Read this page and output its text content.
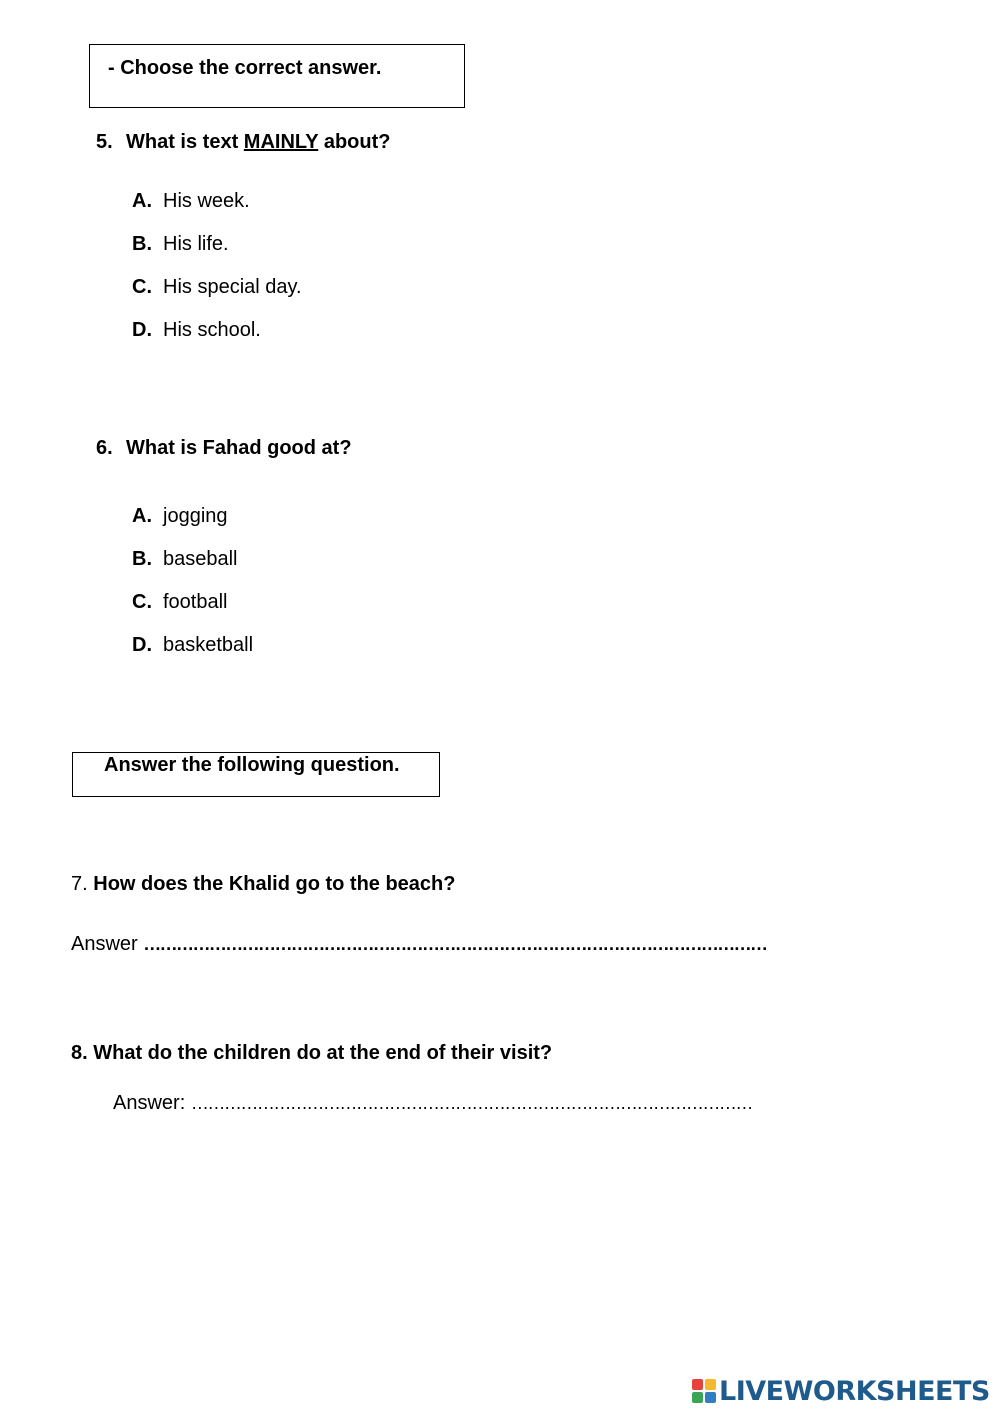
- Choose the correct answer.
5. What is text MAINLY about?
A. His week.
B. His life.
C. His special day.
D. His school.
6. What is Fahad good at?
A. jogging
B. baseball
C. football
D. basketball
Answer the following question.
7. How does the Khalid go to the beach?
Answer ……………………………………………………………………………………………………
8. What do the children do at the end of their visit?
Answer: …………………………………………………………………………………………
LIVEWORKSHEETS
